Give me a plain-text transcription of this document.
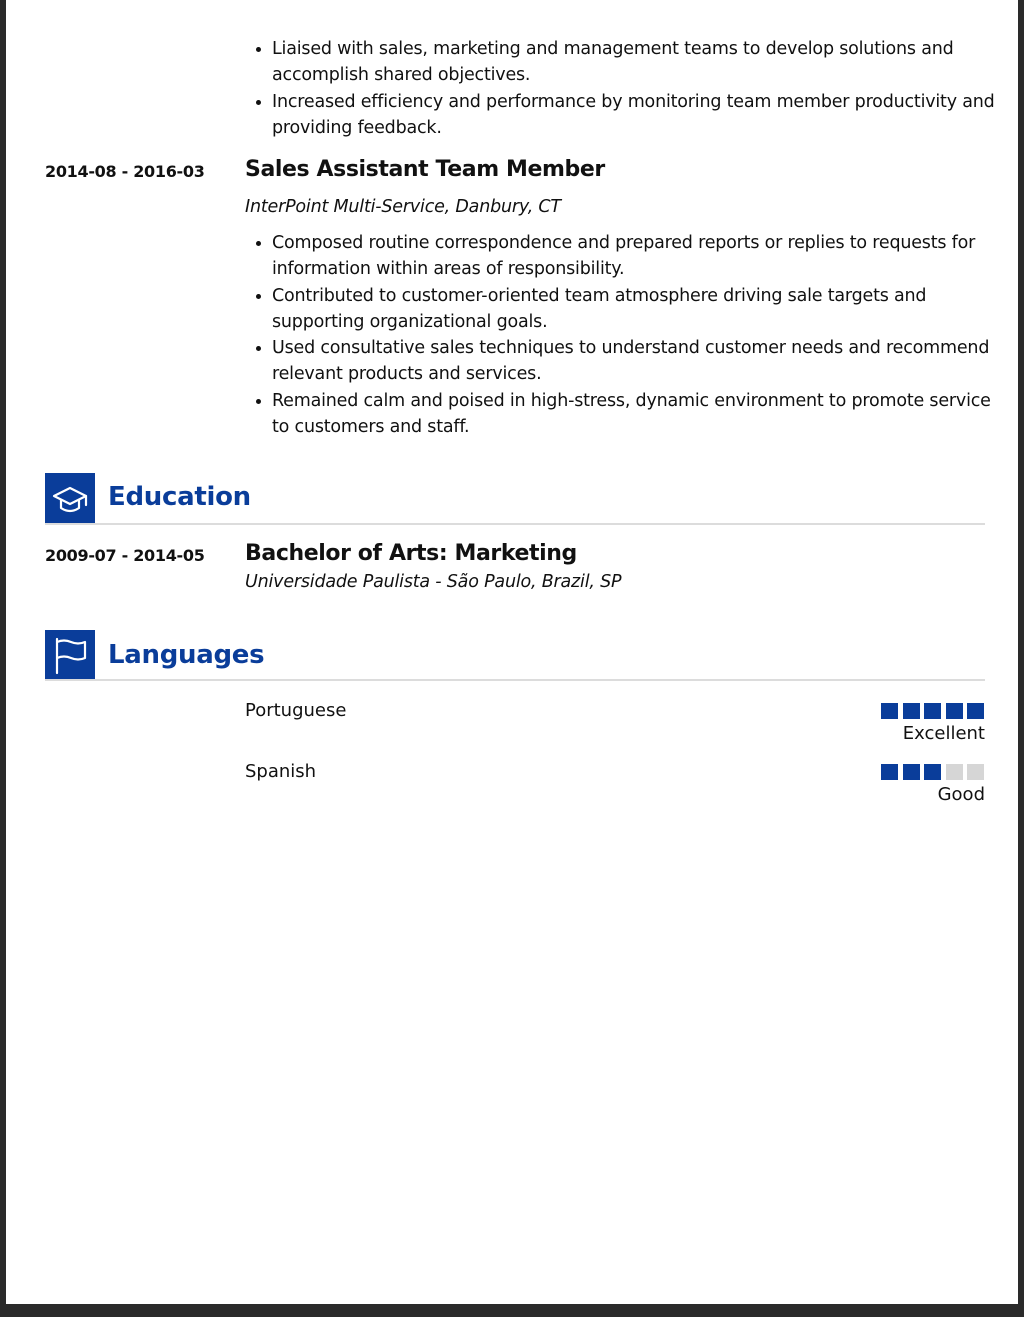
• Liaised with sales, marketing and management teams to develop solutions and accomplish shared objectives.
• Increased efficiency and performance by monitoring team member productivity and providing feedback.
2014-08 - 2016-03 Sales Assistant Team Member
InterPoint Multi-Service, Danbury, CT
• Composed routine correspondence and prepared reports or replies to requests for information within areas of responsibility.
• Contributed to customer-oriented team atmosphere driving sale targets and supporting organizational goals.
• Used consultative sales techniques to understand customer needs and recommend relevant products and services.
• Remained calm and poised in high-stress, dynamic environment to promote service to customers and staff.
Education
2009-07 - 2014-05 Bachelor of Arts: Marketing
Universidade Paulista - São Paulo, Brazil, SP
Languages
Portuguese
Excellent
Spanish
Good
